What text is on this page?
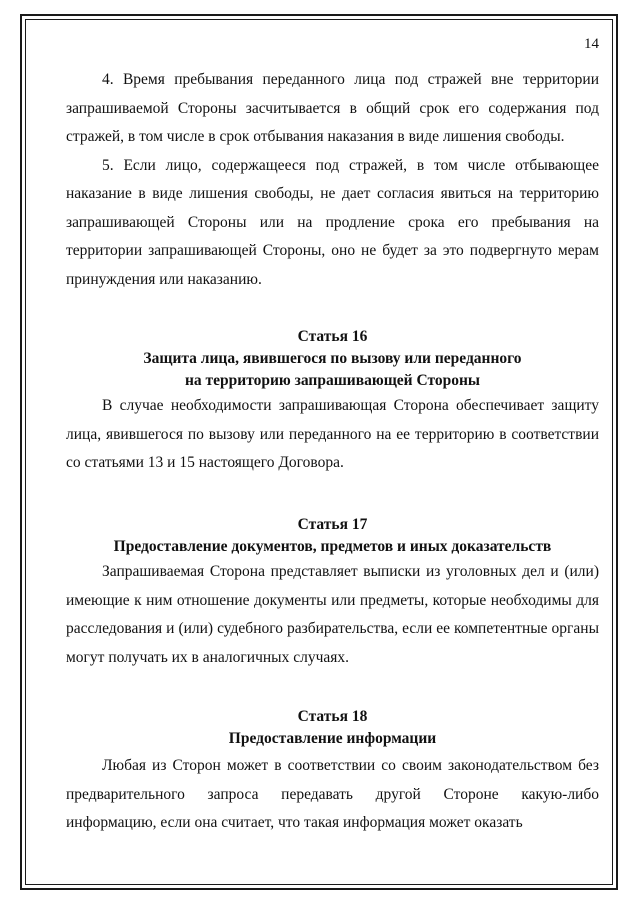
14

4. Время пребывания переданного лица под стражей вне территории запрашиваемой Стороны засчитывается в общий срок его содержания под стражей, в том числе в срок отбывания наказания в виде лишения свободы.

5. Если лицо, содержащееся под стражей, в том числе отбывающее наказание в виде лишения свободы, не дает согласия явиться на территорию запрашивающей Стороны или на продление срока его пребывания на территории запрашивающей Стороны, оно не будет за это подвергнуто мерам принуждения или наказанию.

Статья 16

Защита лица, явившегося по вызову или переданного

на территорию запрашивающей Стороны

В случае необходимости запрашивающая Сторона обеспечивает защиту лица, явившегося по вызову или переданного на ее территорию в соответствии со статьями 13 и 15 настоящего Договора.

Статья 17

Предоставление документов, предметов и иных доказательств

Запрашиваемая Сторона представляет выписки из уголовных дел и (или) имеющие к ним отношение документы или предметы, которые необходимы для расследования и (или) судебного разбирательства, если ее компетентные органы могут получать их в аналогичных случаях.

Статья 18

Предоставление информации

Любая из Сторон может в соответствии со своим законодательством без предварительного запроса передавать другой Стороне какую-либо информацию, если она считает, что такая информация может оказать
